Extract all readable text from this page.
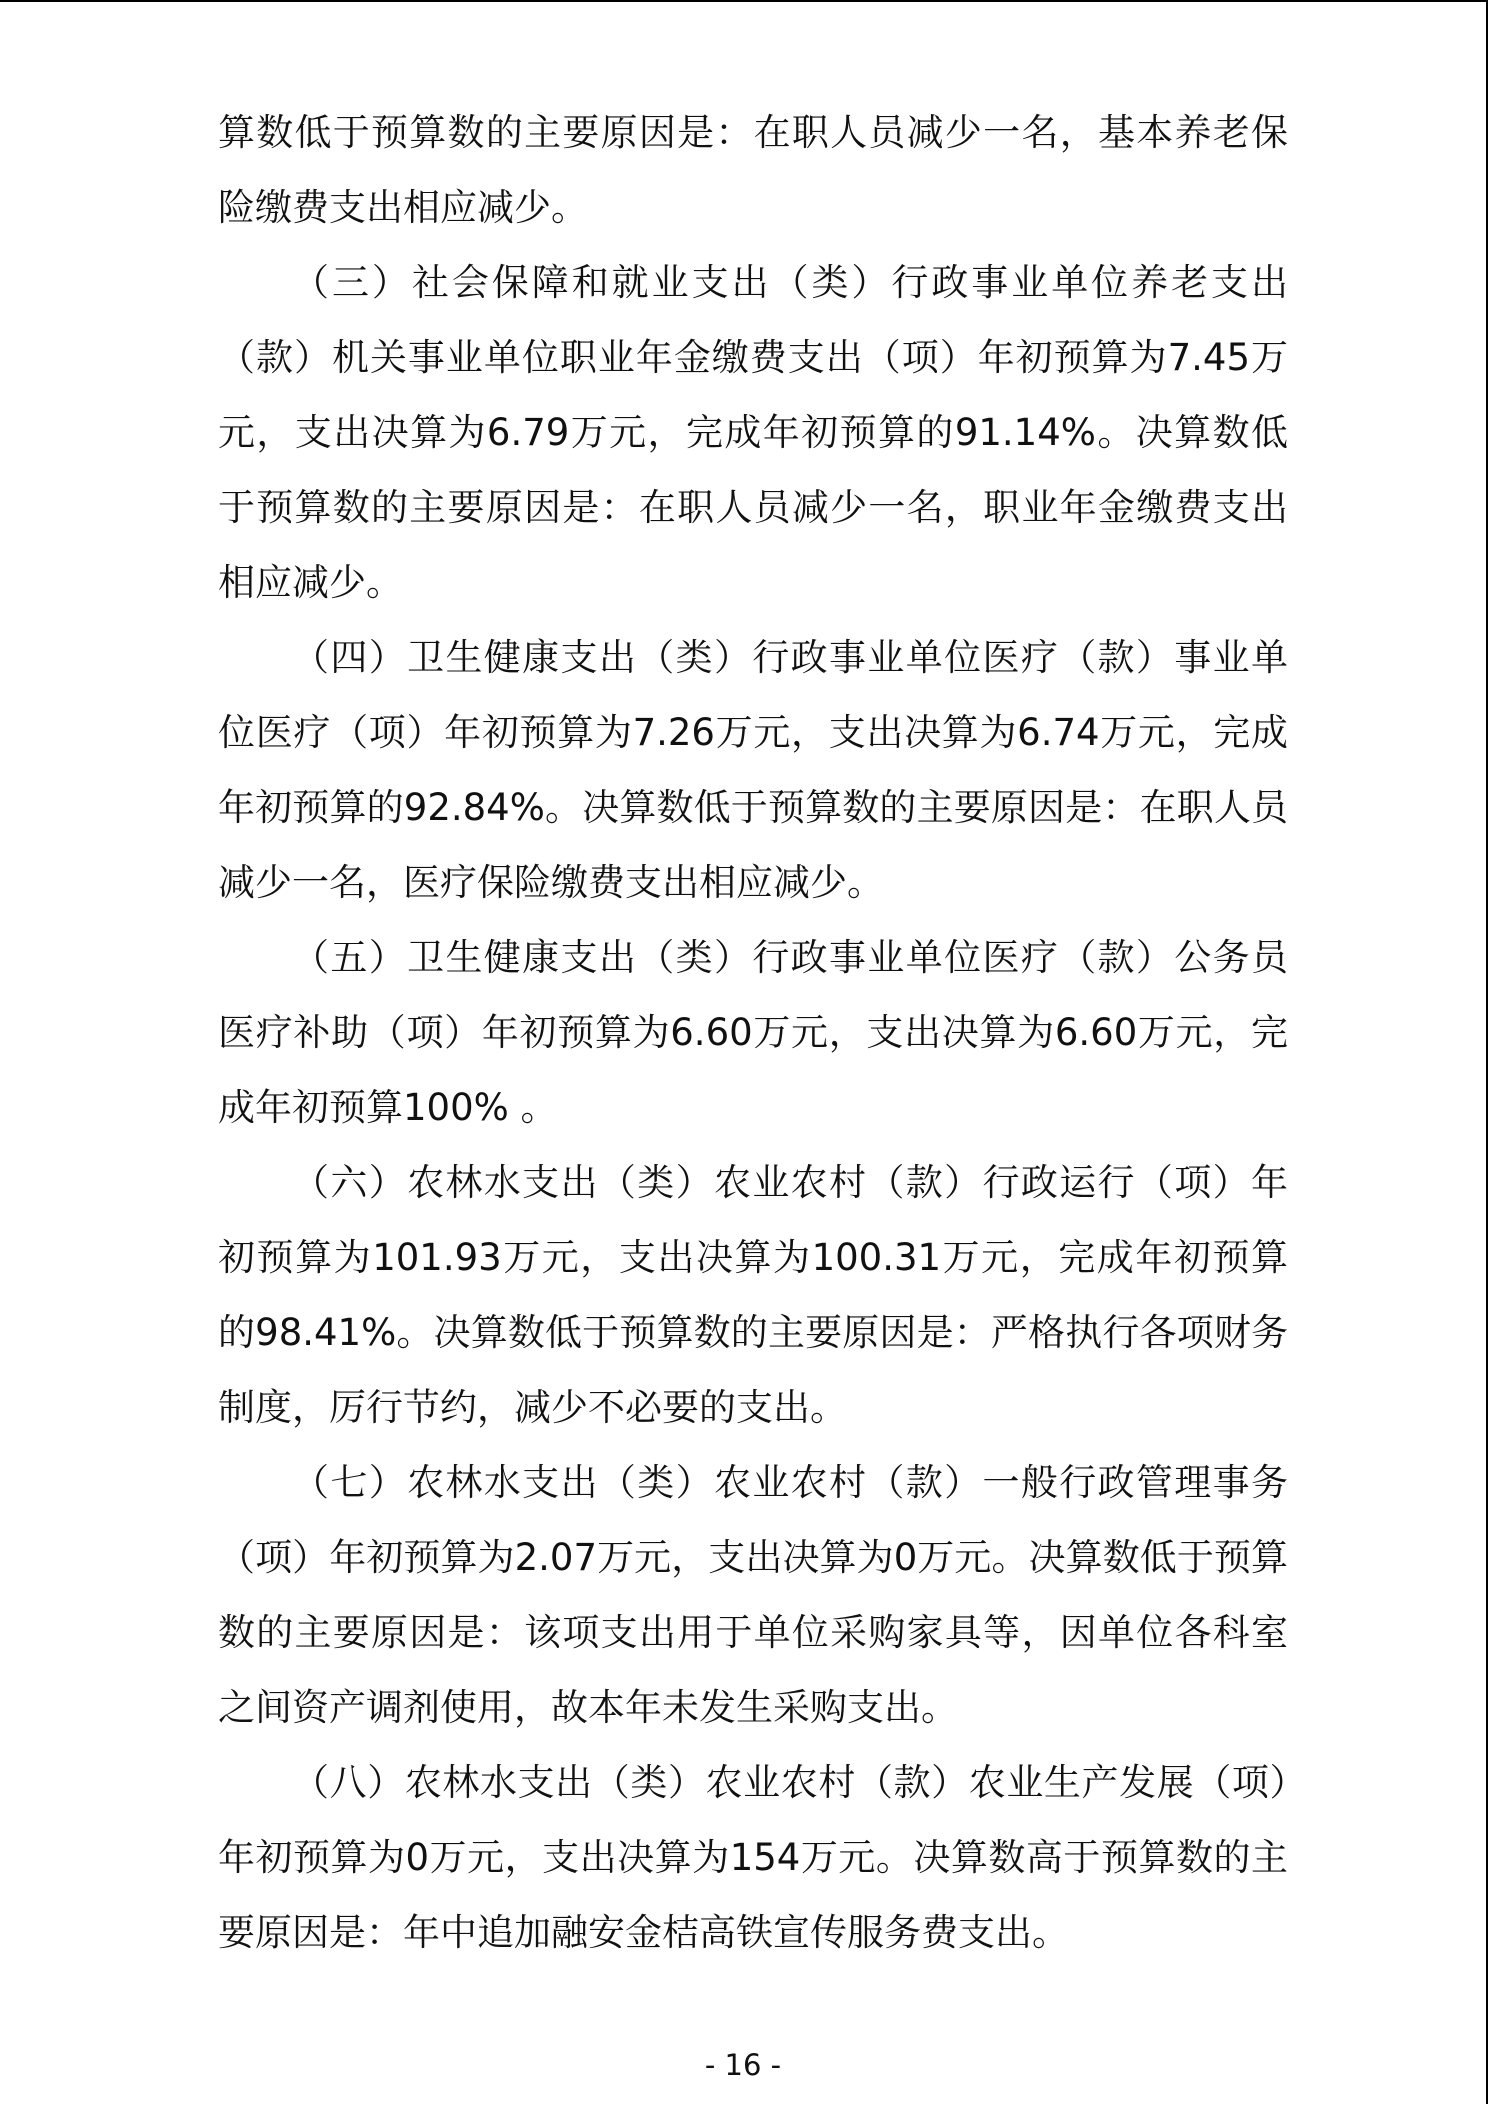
算数低于预算数的主要原因是：在职人员减少一名，基本养老保险缴费支出相应减少。

（三）社会保障和就业支出（类）行政事业单位养老支出（款）机关事业单位职业年金缴费支出（项）年初预算为7.45万元，支出决算为6.79万元，完成年初预算的91.14%。决算数低于预算数的主要原因是：在职人员减少一名，职业年金缴费支出相应减少。

（四）卫生健康支出（类）行政事业单位医疗（款）事业单位医疗（项）年初预算为7.26万元，支出决算为6.74万元，完成年初预算的92.84%。决算数低于预算数的主要原因是：在职人员减少一名，医疗保险缴费支出相应减少。

（五）卫生健康支出（类）行政事业单位医疗（款）公务员医疗补助（项）年初预算为6.60万元，支出决算为6.60万元，完成年初预算100% 。

（六）农林水支出（类）农业农村（款）行政运行（项）年初预算为101.93万元，支出决算为100.31万元，完成年初预算的98.41%。决算数低于预算数的主要原因是：严格执行各项财务制度，厉行节约，减少不必要的支出。

（七）农林水支出（类）农业农村（款）一般行政管理事务（项）年初预算为2.07万元，支出决算为0万元。决算数低于预算数的主要原因是：该项支出用于单位采购家具等，因单位各科室之间资产调剂使用，故本年未发生采购支出。

（八）农林水支出（类）农业农村（款）农业生产发展（项）年初预算为0万元，支出决算为154万元。决算数高于预算数的主要原因是：年中追加融安金桔高铁宣传服务费支出。

- 16 -
